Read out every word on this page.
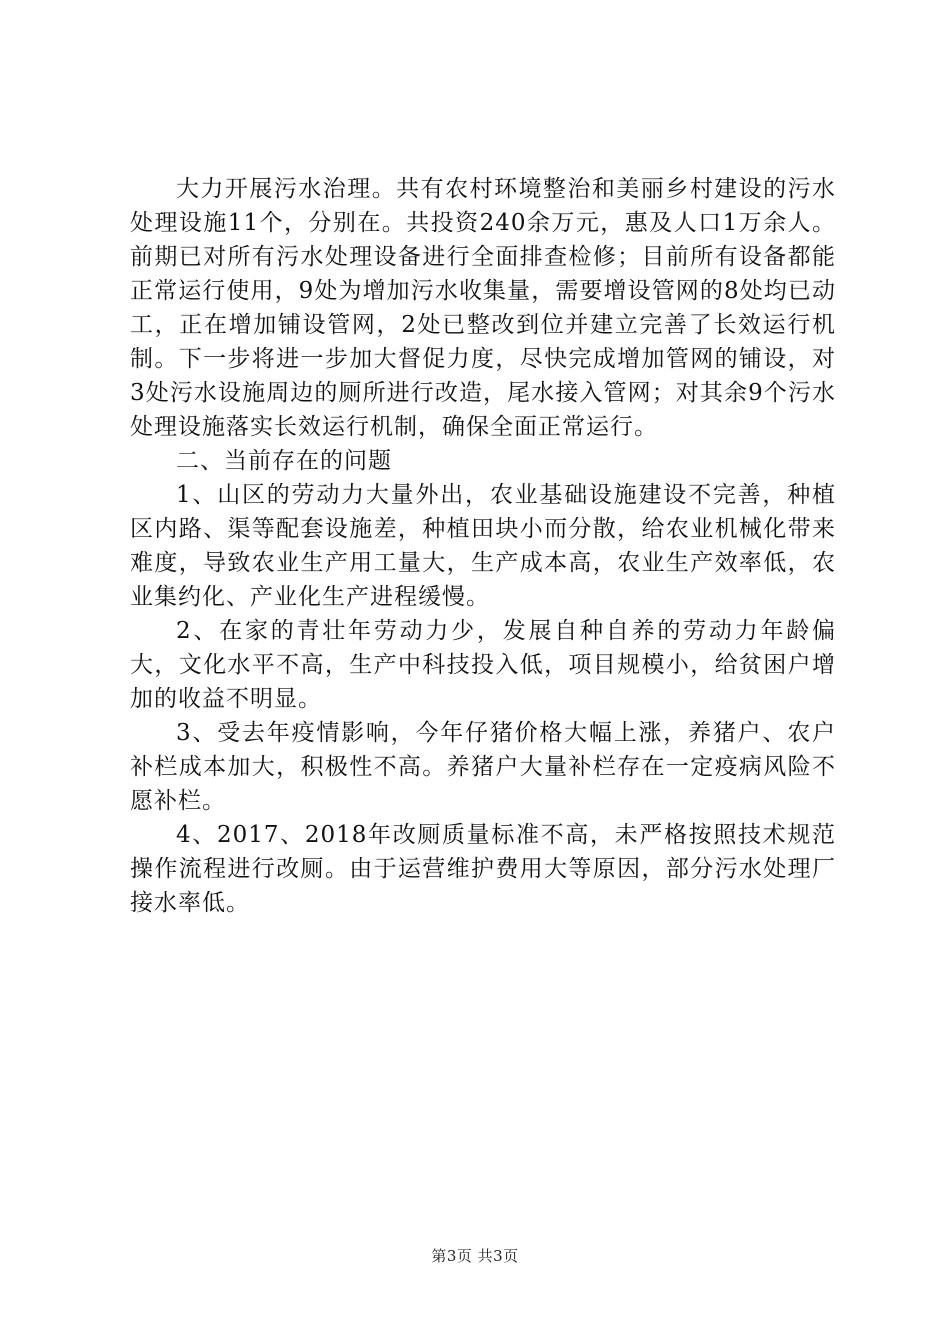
大力开展污水治理。共有农村环境整治和美丽乡村建设的污水处理设施11个，分别在。共投资240余万元，惠及人口1万余人。前期已对所有污水处理设备进行全面排查检修；目前所有设备都能正常运行使用，9处为增加污水收集量，需要增设管网的8处均已动工，正在增加铺设管网，2处已整改到位并建立完善了长效运行机制。下一步将进一步加大督促力度，尽快完成增加管网的铺设，对3处污水设施周边的厕所进行改造，尾水接入管网；对其余9个污水处理设施落实长效运行机制，确保全面正常运行。

二、当前存在的问题

1、山区的劳动力大量外出，农业基础设施建设不完善，种植区内路、渠等配套设施差，种植田块小而分散，给农业机械化带来难度，导致农业生产用工量大，生产成本高，农业生产效率低，农业集约化、产业化生产进程缓慢。

2、在家的青壮年劳动力少，发展自种自养的劳动力年龄偏大，文化水平不高，生产中科技投入低，项目规模小，给贫困户增加的收益不明显。

3、受去年疫情影响，今年仔猪价格大幅上涨，养猪户、农户补栏成本加大，积极性不高。养猪户大量补栏存在一定疫病风险不愿补栏。

4、2017、2018年改厕质量标准不高，未严格按照技术规范操作流程进行改厕。由于运营维护费用大等原因，部分污水处理厂接水率低。

第3页 共3页
